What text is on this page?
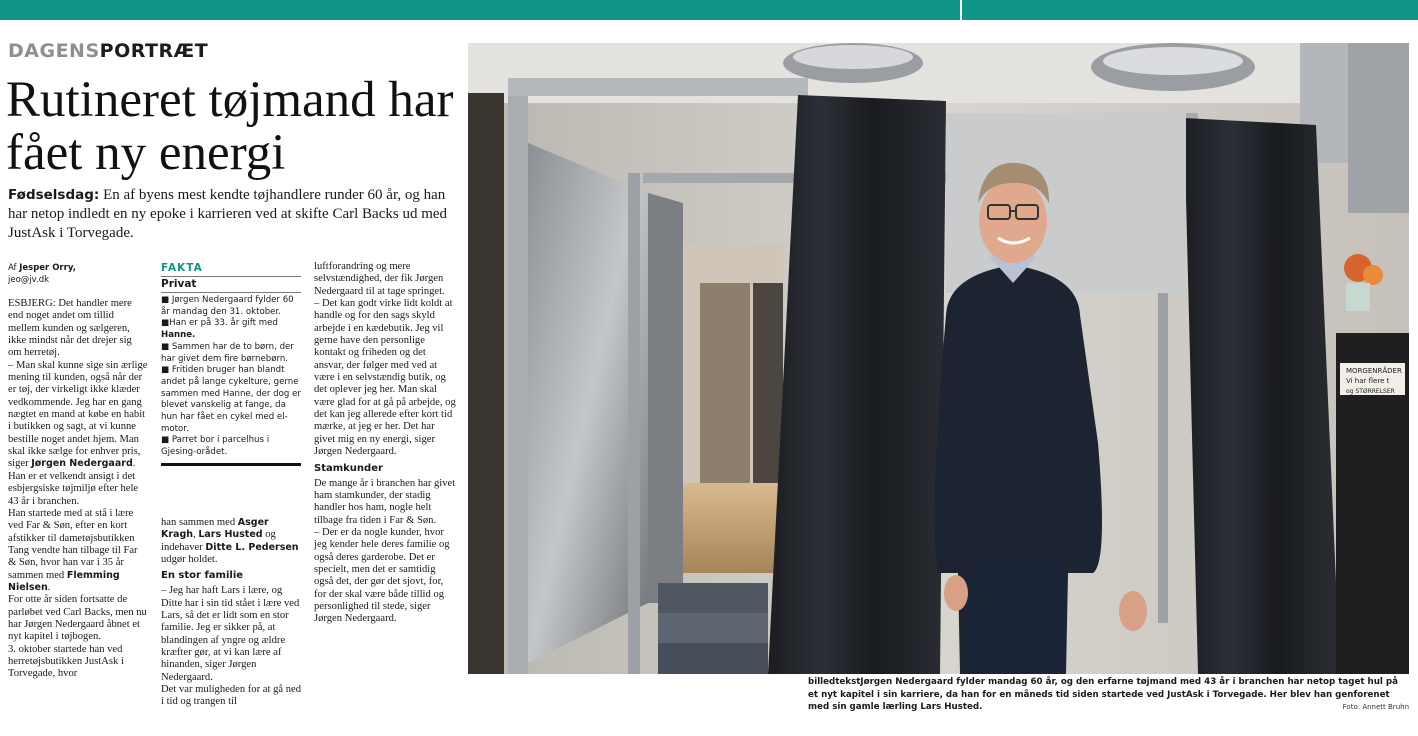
DAGENSPORTRÆT
Rutineret tøjmand har fået ny energi

Fødselsdag: En af byens mest kendte tøjhandlere runder 60 år, og han har netop indledt en ny epoke i karrieren ved at skifte Carl Backs ud med JustAsk i Torvegade.

Af Jesper Orry,
jeo@jv.dk

ESBJERG: Det handler mere end noget andet om tillid mellem kunden og sælgeren, ikke mindst når det drejer sig om herretøj.

– Man skal kunne sige sin ærlige mening til kunden, også når der er tøj, der virkeligt ikke klæder vedkommende. Jeg har en gang nægtet en mand at købe en habit i butikken og sagt, at vi kunne bestille noget andet hjem. Man skal ikke sælge for enhver pris, siger Jørgen Nedergaard.

Han er et velkendt ansigt i det esbjergsiske tøjmiljø efter hele 43 år i branchen.

Han startede med at stå i lære ved Far & Søn, efter en kort afstikker til dametøjsbutikken Tang vendte han tilbage til Far & Søn, hvor han var i 35 år sammen med Flemming Nielsen.

For otte år siden fortsatte de parløbet ved Carl Backs, men nu har Jørgen Nedergaard åbnet et nyt kapitel i tøjbogen.

3. oktober startede han ved herretøjsbutikken JustAsk i Torvegade, hvor

FAKTA
Privat
■ Jørgen Nedergaard fylder 60 år mandag den 31. oktober.
■Han er på 33. år gift med Hanne.
■ Sammen har de to børn, der har givet dem fire børnebørn.
■ Fritiden bruger han blandt andet på lange cykelture, gerne sammen med Hanne, der dog er blevet vanskelig at fange, da hun har fået en cykel med el-motor.
■ Parret bor i parcelhus i Gjesing-orådet.

han sammen med Asger Kragh, Lars Husted og indehaver Ditte L. Pedersen udgør holdet.

En stor familie

– Jeg har haft Lars i lære, og Ditte har i sin tid stået i lære ved Lars, så det er lidt som en stor familie. Jeg er sikker på, at blandingen af yngre og ældre kræfter gør, at vi kan lære af hinanden, siger Jørgen Nedergaard.

Det var muligheden for at gå ned i tid og trangen til

luftforandring og mere selvstændighed, der fik Jørgen Nedergaard til at tage springet.

– Det kan godt virke lidt koldt at handle og for den sags skyld arbejde i en kædebutik. Jeg vil gerne have den personlige kontakt og friheden og det ansvar, der følger med ved at være i en selvstændig butik, og det oplever jeg her. Man skal være glad for at gå på arbejde, og det kan jeg allerede efter kort tid mærke, at jeg er her. Det har givet mig en ny energi, siger Jørgen Nedergaard.

Stamkunder

De mange år i branchen har givet ham stamkunder, der stadig handler hos ham, nogle helt tilbage fra tiden i Far & Søn.

– Der er da nogle kunder, hvor jeg kender hele deres familie og også deres garderobe. Det er specielt, men det er samtidig også det, der gør det sjovt, for, for der skal være både tillid og personlighed til stede, siger Jørgen Nedergaard.

MORGENRÅDER
Vi har flere t
og STØRRELSER
billedtekstJørgen Nedergaard fylder mandag 60 år, og den erfarne tøjmand med 43 år i branchen har netop taget hul på et nyt kapitel i sin karriere, da han for en måneds tid siden startede ved JustAsk i Torvegade. Her blev han genforenet med sin gamle lærling Lars Husted.	Foto: Annett Bruhn
